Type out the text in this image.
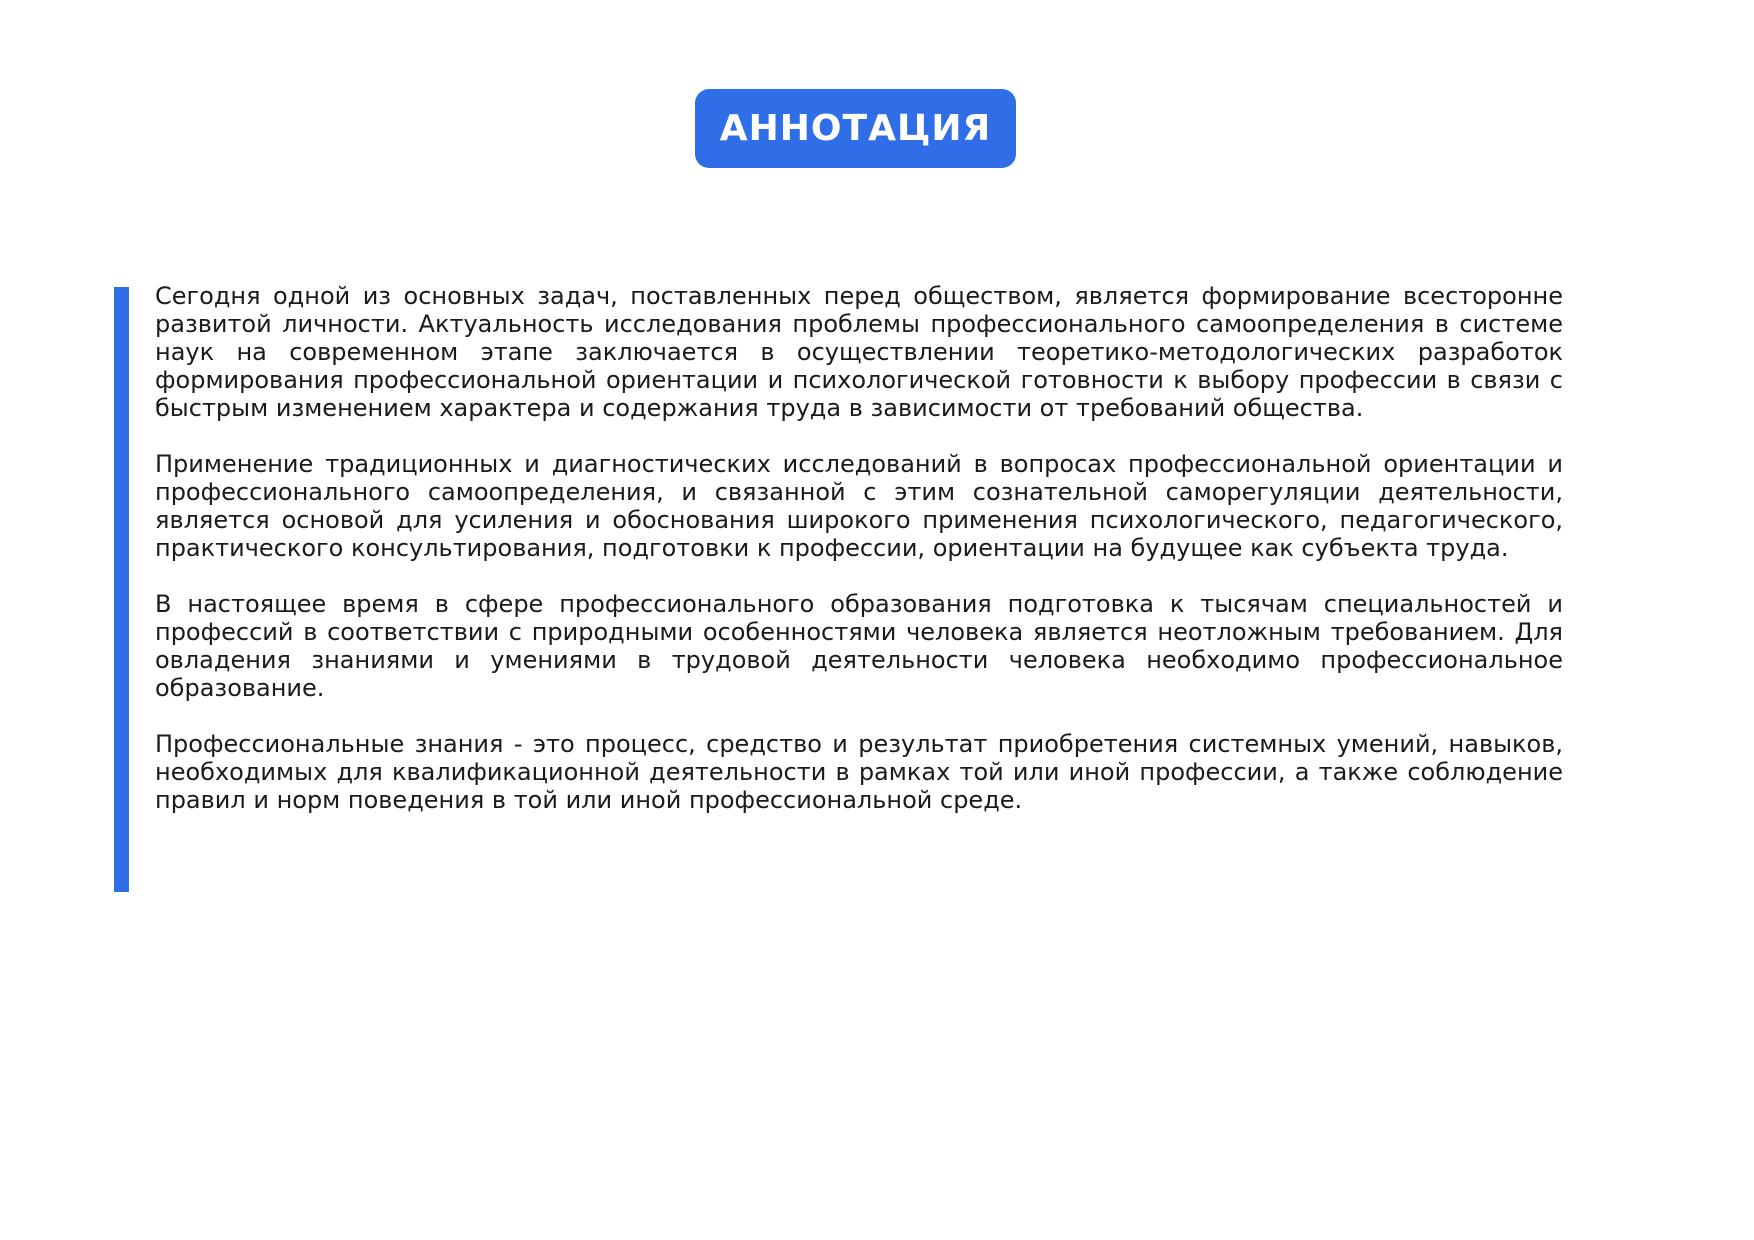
АННОТАЦИЯ

Сегодня одной из основных задач, поставленных перед обществом, является формирование всесторонне развитой личности. Актуальность исследования проблемы профессионального самоопределения в системе наук на современном этапе заключается в осуществлении теоретико-методологических разработок формирования профессиональной ориентации и психологической готовности к выбору профессии в связи с быстрым изменением характера и содержания труда в зависимости от требований общества.

Применение традиционных и диагностических исследований в вопросах профессиональной ориентации и профессионального самоопределения, и связанной с этим сознательной саморегуляции деятельности, является основой для усиления и обоснования широкого применения психологического, педагогического, практического консультирования, подготовки к профессии, ориентации на будущее как субъекта труда.

В настоящее время в сфере профессионального образования подготовка к тысячам специальностей и профессий в соответствии с природными особенностями человека является неотложным требованием. Для овладения знаниями и умениями в трудовой деятельности человека необходимо профессиональное образование.

Профессиональные знания - это процесс, средство и результат приобретения системных умений, навыков, необходимых для квалификационной деятельности в рамках той или иной профессии, а также соблюдение правил и норм поведения в той или иной профессиональной среде.
